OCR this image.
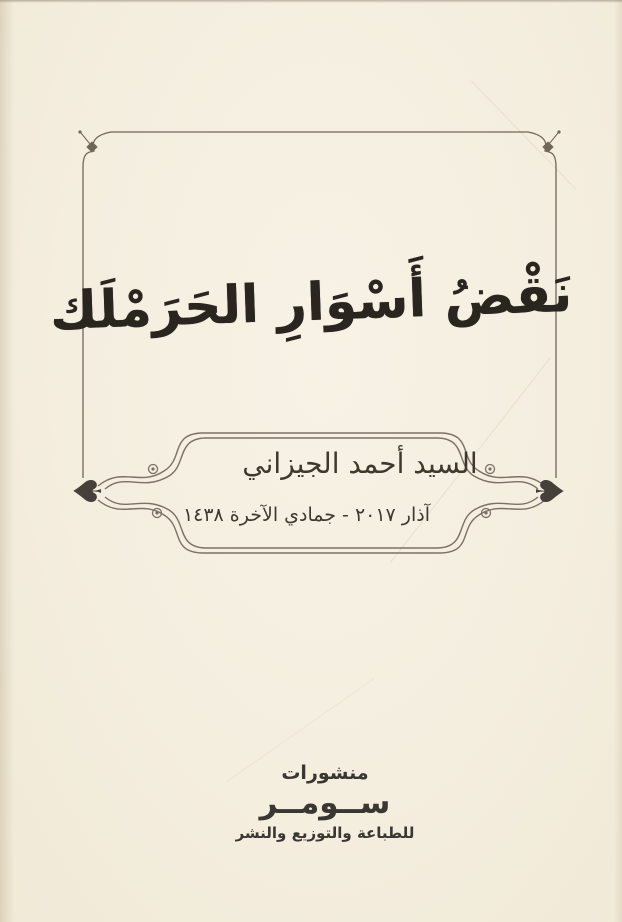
♠	♠
نَقْضُ أَسْوَارِ الحَرَمْلَك
السيد أحمد الجيزاني
آذار ٢٠١٧ - جمادي الآخرة ١٤٣٨
منشورات
ســومــر
للطباعة والتوزيع والنشر
